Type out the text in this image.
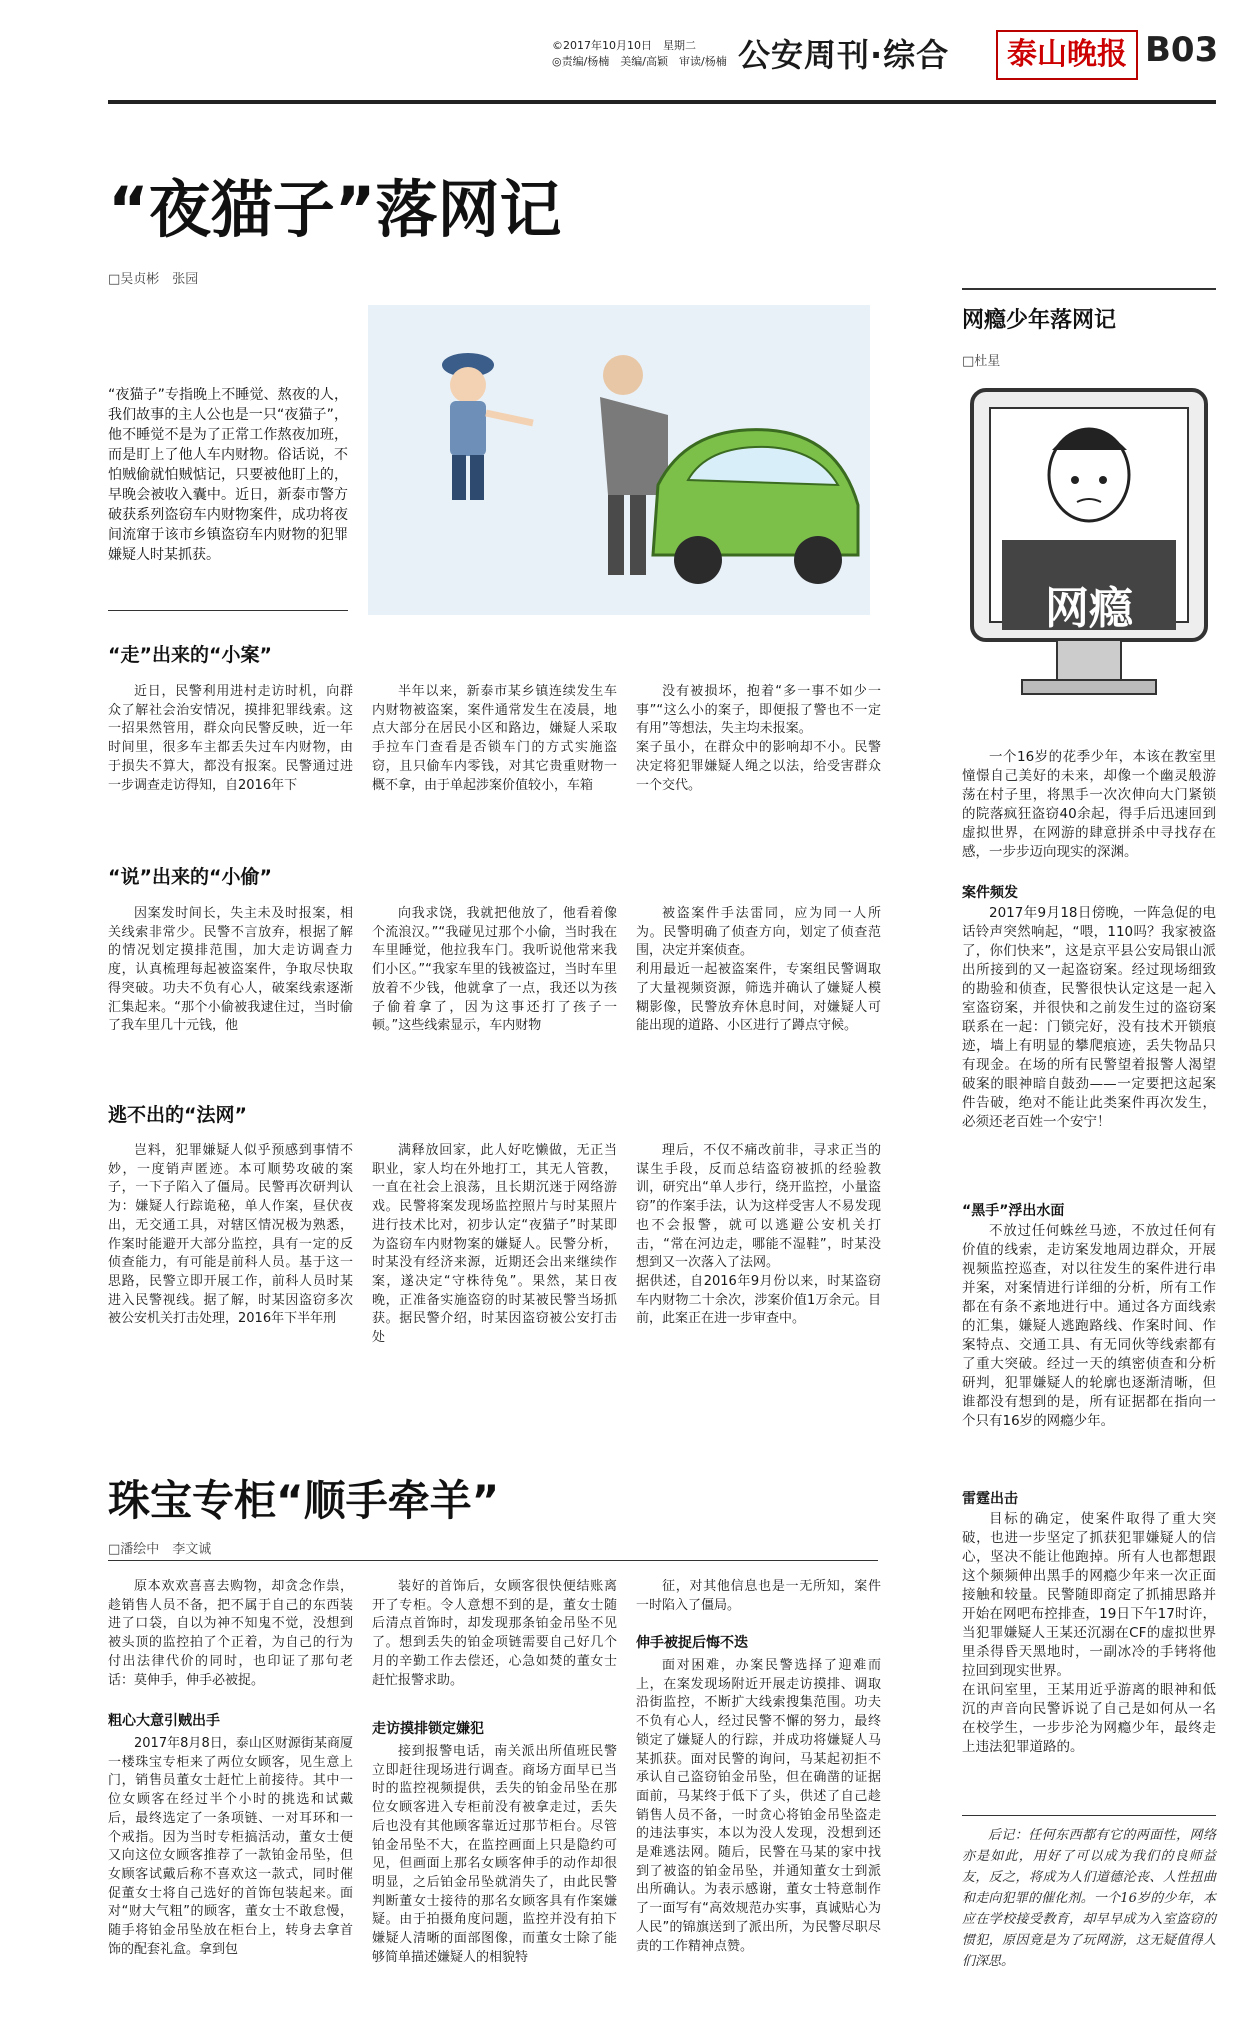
©2017年10月10日　星期二
◎责编/杨楠　美编/高颖　审读/杨楠 公安周刊·综合	泰山晚报 B03
“夜猫子”落网记
□吴贞彬　张园
“夜猫子”专指晚上不睡觉、熬夜的人，我们故事的主人公也是一只“夜猫子”，他不睡觉不是为了正常工作熬夜加班，而是盯上了他人车内财物。俗话说，不怕贼偷就怕贼惦记，只要被他盯上的，早晚会被收入囊中。近日，新泰市警方破获系列盗窃车内财物案件，成功将夜间流窜于该市乡镇盗窃车内财物的犯罪嫌疑人时某抓获。
“走”出来的“小案”
近日，民警利用进村走访时机，向群众了解社会治安情况，摸排犯罪线索。这一招果然管用，群众向民警反映，近一年时间里，很多车主都丢失过车内财物，由于损失不算大，都没有报案。民警通过进一步调查走访得知，自2016年下
半年以来，新泰市某乡镇连续发生车内财物被盗案，案件通常发生在凌晨，地点大部分在居民小区和路边，嫌疑人采取手拉车门查看是否锁车门的方式实施盗窃，且只偷车内零钱，对其它贵重财物一概不拿，由于单起涉案价值较小，车箱
没有被损坏，抱着“多一事不如少一事”“这么小的案子，即便报了警也不一定有用”等想法，失主均未报案。
案子虽小，在群众中的影响却不小。民警决定将犯罪嫌疑人绳之以法，给受害群众一个交代。
“说”出来的“小偷”
因案发时间长，失主未及时报案，相关线索非常少。民警不言放弃，根据了解的情况划定摸排范围，加大走访调查力度，认真梳理每起被盗案件，争取尽快取得突破。功夫不负有心人，破案线索逐渐汇集起来。“那个小偷被我逮住过，当时偷了我车里几十元钱，他
向我求饶，我就把他放了，他看着像个流浪汉。”“我碰见过那个小偷，当时我在车里睡觉，他拉我车门。我听说他常来我们小区。”“我家车里的钱被盗过，当时车里放着不少钱，他就拿了一点，我还以为孩子偷着拿了，因为这事还打了孩子一顿。”这些线索显示，车内财物
被盗案件手法雷同，应为同一人所为。民警明确了侦查方向，划定了侦查范围，决定并案侦查。
利用最近一起被盗案件，专案组民警调取了大量视频资源，筛选并确认了嫌疑人模糊影像，民警放弃休息时间，对嫌疑人可能出现的道路、小区进行了蹲点守候。
逃不出的“法网”
岂料，犯罪嫌疑人似乎预感到事情不妙，一度销声匿迹。本可顺势攻破的案子，一下子陷入了僵局。民警再次研判认为：嫌疑人行踪诡秘，单人作案，昼伏夜出，无交通工具，对辖区情况极为熟悉，作案时能避开大部分监控，具有一定的反侦查能力，有可能是前科人员。基于这一思路，民警立即开展工作，前科人员时某进入民警视线。据了解，时某因盗窃多次被公安机关打击处理，2016年下半年刑
满释放回家，此人好吃懒做，无正当职业，家人均在外地打工，其无人管教，一直在社会上浪荡，且长期沉迷于网络游戏。民警将案发现场监控照片与时某照片进行技术比对，初步认定“夜猫子”时某即为盗窃车内财物案的嫌疑人。民警分析，时某没有经济来源，近期还会出来继续作案，遂决定“守株待兔”。果然，某日夜晚，正准备实施盗窃的时某被民警当场抓获。据民警介绍，时某因盗窃被公安打击处
理后，不仅不痛改前非，寻求正当的谋生手段，反而总结盗窃被抓的经验教训，研究出“单人步行，绕开监控，小量盗窃”的作案手法，认为这样受害人不易发现也不会报警，就可以逃避公安机关打击，“常在河边走，哪能不湿鞋”，时某没想到又一次落入了法网。
据供述，自2016年9月份以来，时某盗窃车内财物二十余次，涉案价值1万余元。目前，此案正在进一步审查中。
珠宝专柜“顺手牵羊”
□潘绘中　李文诚
原本欢欢喜喜去购物，却贪念作祟，趁销售人员不备，把不属于自己的东西装进了口袋，自以为神不知鬼不觉，没想到被头顶的监控拍了个正着，为自己的行为付出法律代价的同时，也印证了那句老话：莫伸手，伸手必被捉。
粗心大意引贼出手
2017年8月8日，泰山区财源街某商厦一楼珠宝专柜来了两位女顾客，见生意上门，销售员董女士赶忙上前接待。其中一位女顾客在经过半个小时的挑选和试戴后，最终选定了一条项链、一对耳环和一个戒指。因为当时专柜搞活动，董女士便又向这位女顾客推荐了一款铂金吊坠，但女顾客试戴后称不喜欢这一款式，同时催促董女士将自己选好的首饰包装起来。面对“财大气粗”的顾客，董女士不敢怠慢，随手将铂金吊坠放在柜台上，转身去拿首饰的配套礼盒。拿到包
装好的首饰后，女顾客很快便结账离开了专柜。令人意想不到的是，董女士随后清点首饰时，却发现那条铂金吊坠不见了。想到丢失的铂金项链需要自己好几个月的辛勤工作去偿还，心急如焚的董女士赶忙报警求助。
走访摸排锁定嫌犯
接到报警电话，南关派出所值班民警立即赶往现场进行调查。商场方面早已当时的监控视频提供，丢失的铂金吊坠在那位女顾客进入专柜前没有被拿走过，丢失后也没有其他顾客靠近过那节柜台。尽管铂金吊坠不大，在监控画面上只是隐约可见，但画面上那名女顾客伸手的动作却很明显，之后铂金吊坠就消失了，由此民警判断董女士接待的那名女顾客具有作案嫌疑。由于拍摄角度问题，监控并没有拍下嫌疑人清晰的面部图像，而董女士除了能够简单描述嫌疑人的相貌特
征，对其他信息也是一无所知，案件一时陷入了僵局。
伸手被捉后悔不迭
面对困难，办案民警选择了迎难而上，在案发现场附近开展走访摸排、调取沿街监控，不断扩大线索搜集范围。功夫不负有心人，经过民警不懈的努力，最终锁定了嫌疑人的行踪，并成功将嫌疑人马某抓获。面对民警的询问，马某起初拒不承认自己盗窃铂金吊坠，但在确凿的证据面前，马某终于低下了头，供述了自己趁销售人员不备，一时贪心将铂金吊坠盗走的违法事实，本以为没人发现，没想到还是难逃法网。随后，民警在马某的家中找到了被盗的铂金吊坠，并通知董女士到派出所确认。为表示感谢，董女士特意制作了一面写有“高效规范办实事，真诚贴心为人民”的锦旗送到了派出所，为民警尽职尽责的工作精神点赞。
网瘾少年落网记
□杜星
网瘾
一个16岁的花季少年，本该在教室里憧憬自己美好的未来，却像一个幽灵般游荡在村子里，将黑手一次次伸向大门紧锁的院落疯狂盗窃40余起，得手后迅速回到虚拟世界，在网游的肆意拼杀中寻找存在感，一步步迈向现实的深渊。
案件频发
2017年9月18日傍晚，一阵急促的电话铃声突然响起，“喂，110吗？我家被盗了，你们快来”，这是京平县公安局银山派出所接到的又一起盗窃案。经过现场细致的勘验和侦查，民警很快认定这是一起入室盗窃案，并很快和之前发生过的盗窃案联系在一起：门锁完好，没有技术开锁痕迹，墙上有明显的攀爬痕迹，丢失物品只有现金。在场的所有民警望着报警人渴望破案的眼神暗自鼓劲——一定要把这起案件告破，绝对不能让此类案件再次发生，必须还老百姓一个安宁！
“黑手”浮出水面
不放过任何蛛丝马迹，不放过任何有价值的线索，走访案发地周边群众，开展视频监控巡查，对以往发生的案件进行串并案，对案情进行详细的分析，所有工作都在有条不紊地进行中。通过各方面线索的汇集，嫌疑人逃跑路线、作案时间、作案特点、交通工具、有无同伙等线索都有了重大突破。经过一天的缜密侦查和分析研判，犯罪嫌疑人的轮廓也逐渐清晰，但谁都没有想到的是，所有证据都在指向一个只有16岁的网瘾少年。
雷霆出击
目标的确定，使案件取得了重大突破，也进一步坚定了抓获犯罪嫌疑人的信心，坚决不能让他跑掉。所有人也都想跟这个频频伸出黑手的网瘾少年来一次正面接触和较量。民警随即商定了抓捕思路并开始在网吧布控排查，19日下午17时许，当犯罪嫌疑人王某还沉溺在CF的虚拟世界里杀得昏天黑地时，一副冰冷的手铐将他拉回到现实世界。
在讯问室里，王某用近乎游离的眼神和低沉的声音向民警诉说了自己是如何从一名在校学生，一步步沦为网瘾少年，最终走上违法犯罪道路的。
后记：任何东西都有它的两面性，网络亦是如此，用好了可以成为我们的良师益友，反之，将成为人们道德沦丧、人性扭曲和走向犯罪的催化剂。一个16岁的少年，本应在学校接受教育，却早早成为入室盗窃的惯犯，原因竟是为了玩网游，这无疑值得人们深思。
